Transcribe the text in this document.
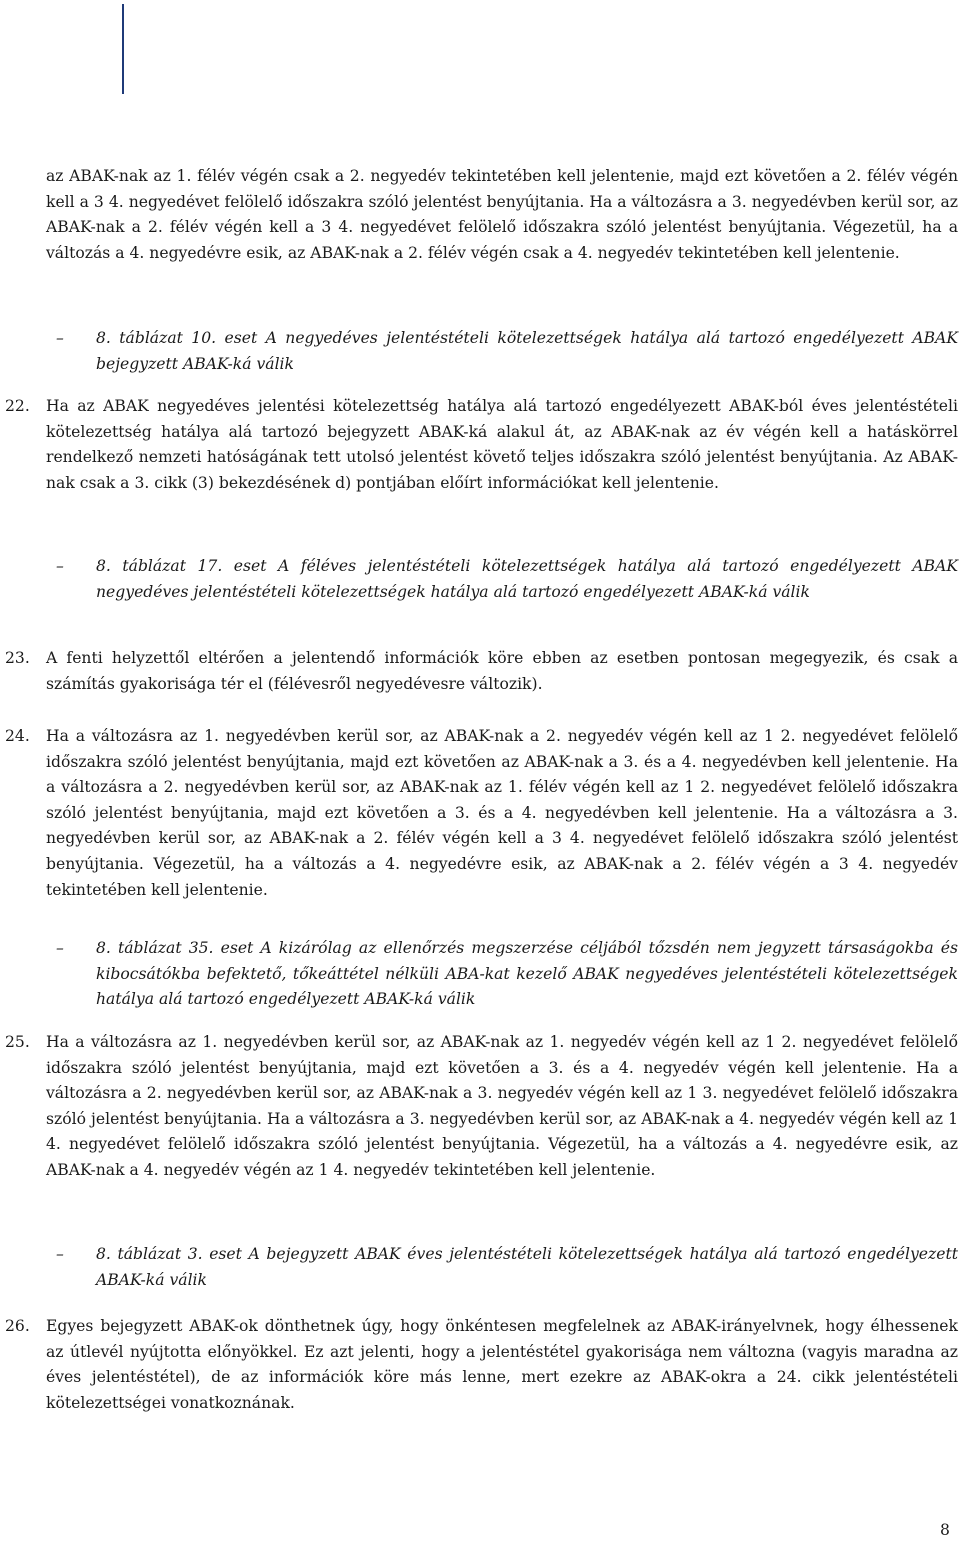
az ABAK-nak az 1. félév végén csak a 2. negyedév tekintetében kell jelentenie, majd ezt követően a 2. félév végén kell a 3 4. negyedévet felölelő időszakra szóló jelentést benyújtania. Ha a változásra a 3. negyedévben kerül sor, az ABAK-nak a 2. félév végén kell a 3 4. negyedévet felölelő időszakra szóló jelentést benyújtania. Végezetül, ha a változás a 4. negyedévre esik, az ABAK-nak a 2. félév végén csak a 4. negyedév tekintetében kell jelentenie.

–	8. táblázat 10. eset A negyedéves jelentéstételi kötelezettségek hatálya alá tartozó engedélyezett ABAK bejegyzett ABAK-ká válik
22.	Ha az ABAK negyedéves jelentési kötelezettség hatálya alá tartozó engedélyezett ABAK-ból éves jelentéstételi kötelezettség hatálya alá tartozó bejegyzett ABAK-ká alakul át, az ABAK-nak az év végén kell a hatáskörrel rendelkező nemzeti hatóságának tett utolsó jelentést követő teljes időszakra szóló jelentést benyújtania. Az ABAK-nak csak a 3. cikk (3) bekezdésének d) pontjában előírt információkat kell jelentenie.
–	8. táblázat 17. eset A féléves jelentéstételi kötelezettségek hatálya alá tartozó engedélyezett ABAK negyedéves jelentéstételi kötelezettségek hatálya alá tartozó engedélyezett ABAK-ká válik
23.	A fenti helyzettől eltérően a jelentendő információk köre ebben az esetben pontosan megegyezik, és csak a számítás gyakorisága tér el (félévesről negyedévesre változik).
24.	Ha a változásra az 1. negyedévben kerül sor, az ABAK-nak a 2. negyedév végén kell az 1 2. negyedévet felölelő időszakra szóló jelentést benyújtania, majd ezt követően az ABAK-nak a 3. és a 4. negyedévben kell jelentenie. Ha a változásra a 2. negyedévben kerül sor, az ABAK-nak az 1. félév végén kell az 1 2. negyedévet felölelő időszakra szóló jelentést benyújtania, majd ezt követően a 3. és a 4. negyedévben kell jelentenie. Ha a változásra a 3. negyedévben kerül sor, az ABAK-nak a 2. félév végén kell a 3 4. negyedévet felölelő időszakra szóló jelentést benyújtania. Végezetül, ha a változás a 4. negyedévre esik, az ABAK-nak a 2. félév végén a 3 4. negyedév tekintetében kell jelentenie.
–	8. táblázat 35. eset A kizárólag az ellenőrzés megszerzése céljából tőzsdén nem jegyzett társaságokba és kibocsátókba befektető, tőkeáttétel nélküli ABA-kat kezelő ABAK negyedéves jelentéstételi kötelezettségek hatálya alá tartozó engedélyezett ABAK-ká válik
25.	Ha a változásra az 1. negyedévben kerül sor, az ABAK-nak az 1. negyedév végén kell az 1 2. negyedévet felölelő időszakra szóló jelentést benyújtania, majd ezt követően a 3. és a 4. negyedév végén kell jelentenie. Ha a változásra a 2. negyedévben kerül sor, az ABAK-nak a 3. negyedév végén kell az 1 3. negyedévet felölelő időszakra szóló jelentést benyújtania. Ha a változásra a 3. negyedévben kerül sor, az ABAK-nak a 4. negyedév végén kell az 1 4. negyedévet felölelő időszakra szóló jelentést benyújtania. Végezetül, ha a változás a 4. negyedévre esik, az ABAK-nak a 4. negyedév végén az 1 4. negyedév tekintetében kell jelentenie.
–	8. táblázat 3. eset A bejegyzett ABAK éves jelentéstételi kötelezettségek hatálya alá tartozó engedélyezett ABAK-ká válik
26.	Egyes bejegyzett ABAK-ok dönthetnek úgy, hogy önkéntesen megfelelnek az ABAK-irányelvnek, hogy élhessenek az útlevél nyújtotta előnyökkel. Ez azt jelenti, hogy a jelentéstétel gyakorisága nem változna (vagyis maradna az éves jelentéstétel), de az információk köre más lenne, mert ezekre az ABAK-okra a 24. cikk jelentéstételi kötelezettségei vonatkoznának.
8
